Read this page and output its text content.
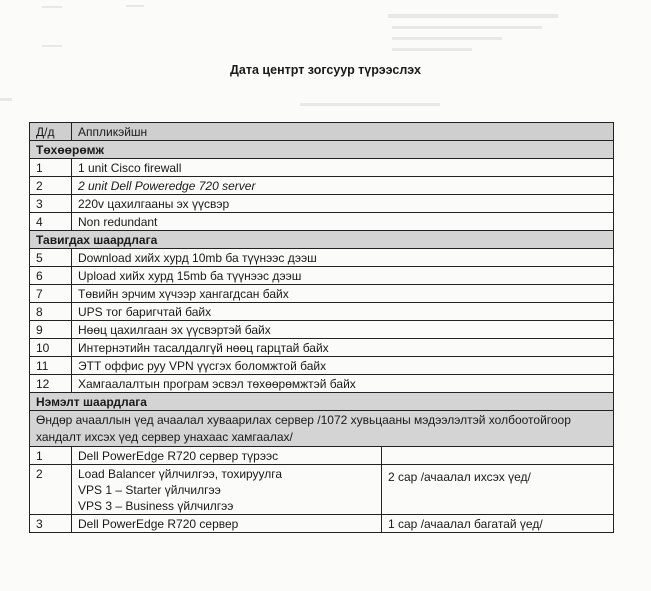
Дата центрт зогсуур түрээслэх
Д/д	Аппликэйшн	
Төхөөрөмж		
1	1 unit Cisco firewall	
2	2 unit Dell Poweredge 720 server	
3	220v цахилгааны эх үүсвэр	
4	Non redundant	
Тавигдах шаардлага		
5	Download хийх хурд 10mb ба түүнээс дээш	
6	Upload хийх хурд 15mb ба түүнээс дээш	
7	Төвийн эрчим хүчээр хангагдсан байх	
8	UPS тог баригчтай байх	
9	Нөөц цахилгаан эх үүсвэртэй байх	
10	Интернэтийн тасалдалгүй нөөц гарцтай байх	
11	ЭТТ оффис руу VPN үүсгэх боломжтой байх	
12	Хамгаалалтын програм эсвэл төхөөрөмжтэй байх	
Нэмэлт шаардлага		
Өндөр ачааллын үед ачаалал хуваарилах сервер /1072 хувьцааны мэдээлэлтэй холбоотойгоор хандалт ихсэх үед сервер унахаас хамгаалах/		
1	Dell PowerEdge R720 сервер түрээс	
2	Load Balancer үйлчилгээ, тохируулга
VPS 1 – Starter үйлчилгээ
VPS 3 – Business үйлчилгээ	2 сар /ачаалал ихсэх үед/
3	Dell PowerEdge R720 сервер	1 сар /ачаалал багатай үед/
